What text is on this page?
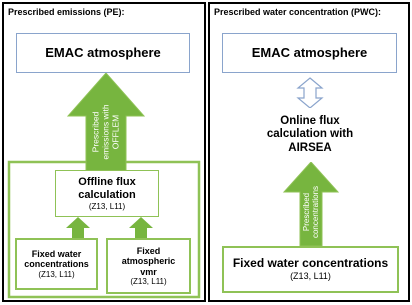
Prescribed emissions (PE):	Prescribed water concentration (PWC):
EMAC atmosphere
Prescribed emissions with OFFLEM
Offline flux
calculation
(Z13, L11)
Fixed water
concentrations
(Z13, L11)
Fixed
atmospheric
vmr
(Z13, L11)
EMAC atmosphere
Online flux
calculation with
AIRSEA
Prescribed concentrations
Fixed water concentrations
(Z13, L11)
